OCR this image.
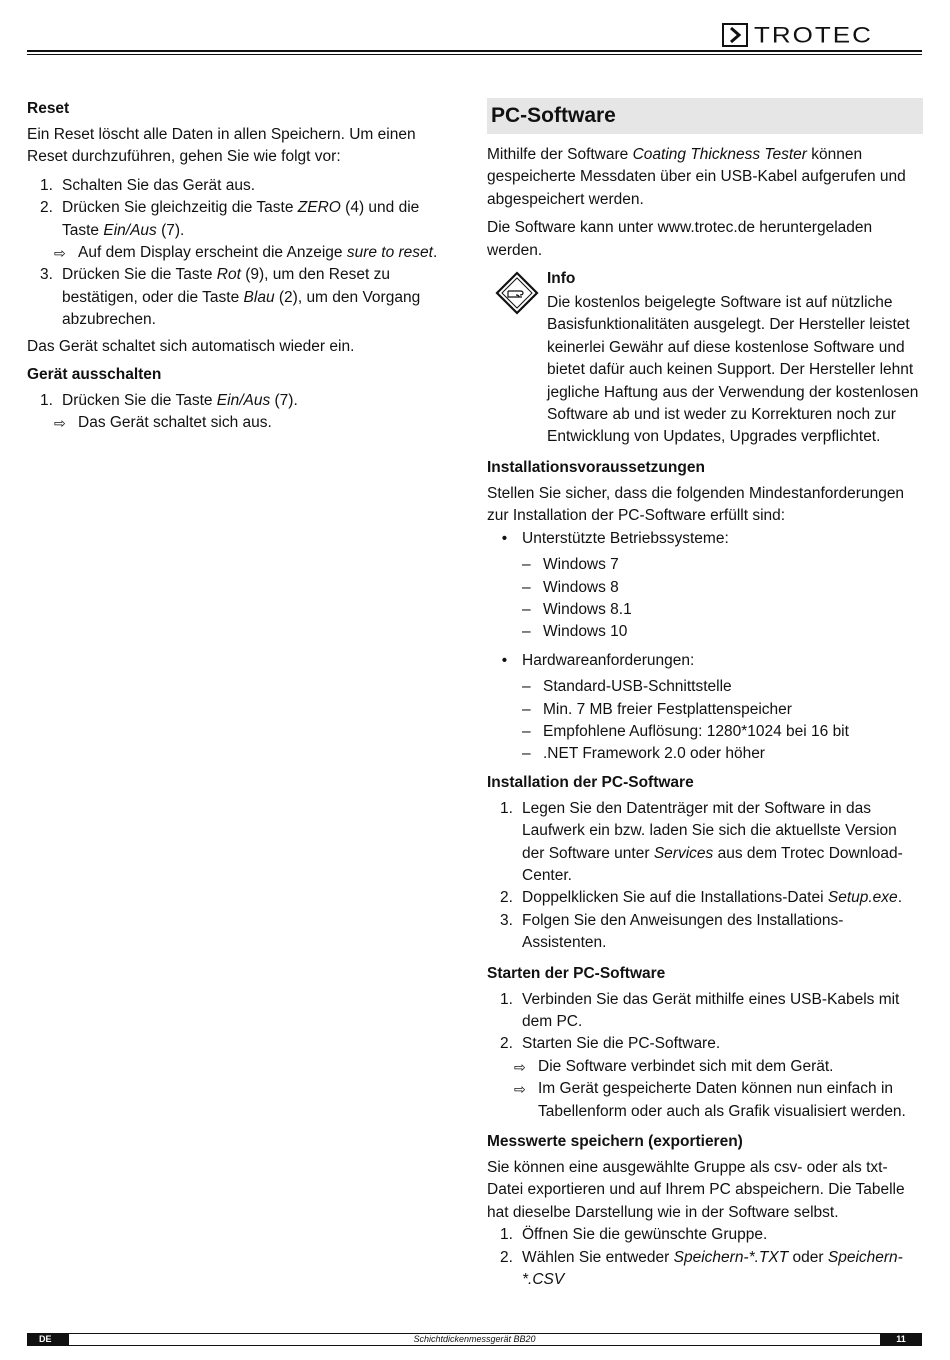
TROTEC
Reset

Ein Reset löscht alle Daten in allen Speichern. Um einen Reset durchzuführen, gehen Sie wie folgt vor:

1. Schalten Sie das Gerät aus.
2. Drücken Sie gleichzeitig die Taste ZERO (4) und die Taste Ein/Aus (7).
⇨ Auf dem Display erscheint die Anzeige sure to reset.
3. Drücken Sie die Taste Rot (9), um den Reset zu bestätigen, oder die Taste Blau (2), um den Vorgang abzubrechen.

Das Gerät schaltet sich automatisch wieder ein.

Gerät ausschalten
1. Drücken Sie die Taste Ein/Aus (7).
⇨ Das Gerät schaltet sich aus.
PC-Software

Mithilfe der Software Coating Thickness Tester können gespeicherte Messdaten über ein USB-Kabel aufgerufen und abgespeichert werden.

Die Software kann unter www.trotec.de heruntergeladen werden.

Info
Die kostenlos beigelegte Software ist auf nützliche Basisfunktionalitäten ausgelegt. Der Hersteller leistet keinerlei Gewähr auf diese kostenlose Software und bietet dafür auch keinen Support. Der Hersteller lehnt jegliche Haftung aus der Verwendung der kostenlosen Software ab und ist weder zu Korrekturen noch zur Entwicklung von Updates, Upgrades verpflichtet.
Installationsvoraussetzungen

Stellen Sie sicher, dass die folgenden Mindestanforderungen zur Installation der PC-Software erfüllt sind:

• Unterstützte Betriebssysteme:
– Windows 7
– Windows 8
– Windows 8.1
– Windows 10
• Hardwareanforderungen:
– Standard-USB-Schnittstelle
– Min. 7 MB freier Festplattenspeicher
– Empfohlene Auflösung: 1280*1024 bei 16 bit
– .NET Framework 2.0 oder höher
Installation der PC-Software
1. Legen Sie den Datenträger mit der Software in das Laufwerk ein bzw. laden Sie sich die aktuellste Version der Software unter Services aus dem Trotec Download-Center.
2. Doppelklicken Sie auf die Installations-Datei Setup.exe.
3. Folgen Sie den Anweisungen des Installations-Assistenten.
Starten der PC-Software
1. Verbinden Sie das Gerät mithilfe eines USB-Kabels mit dem PC.
2. Starten Sie die PC-Software.
⇨ Die Software verbindet sich mit dem Gerät.
⇨ Im Gerät gespeicherte Daten können nun einfach in Tabellenform oder auch als Grafik visualisiert werden.
Messwerte speichern (exportieren)

Sie können eine ausgewählte Gruppe als csv- oder als txt-Datei exportieren und auf Ihrem PC abspeichern. Die Tabelle hat dieselbe Darstellung wie in der Software selbst.

1. Öffnen Sie die gewünschte Gruppe.
2. Wählen Sie entweder Speichern-*.TXT oder Speichern-*.CSV
DE	Schichtdickenmessgerät BB20	11
